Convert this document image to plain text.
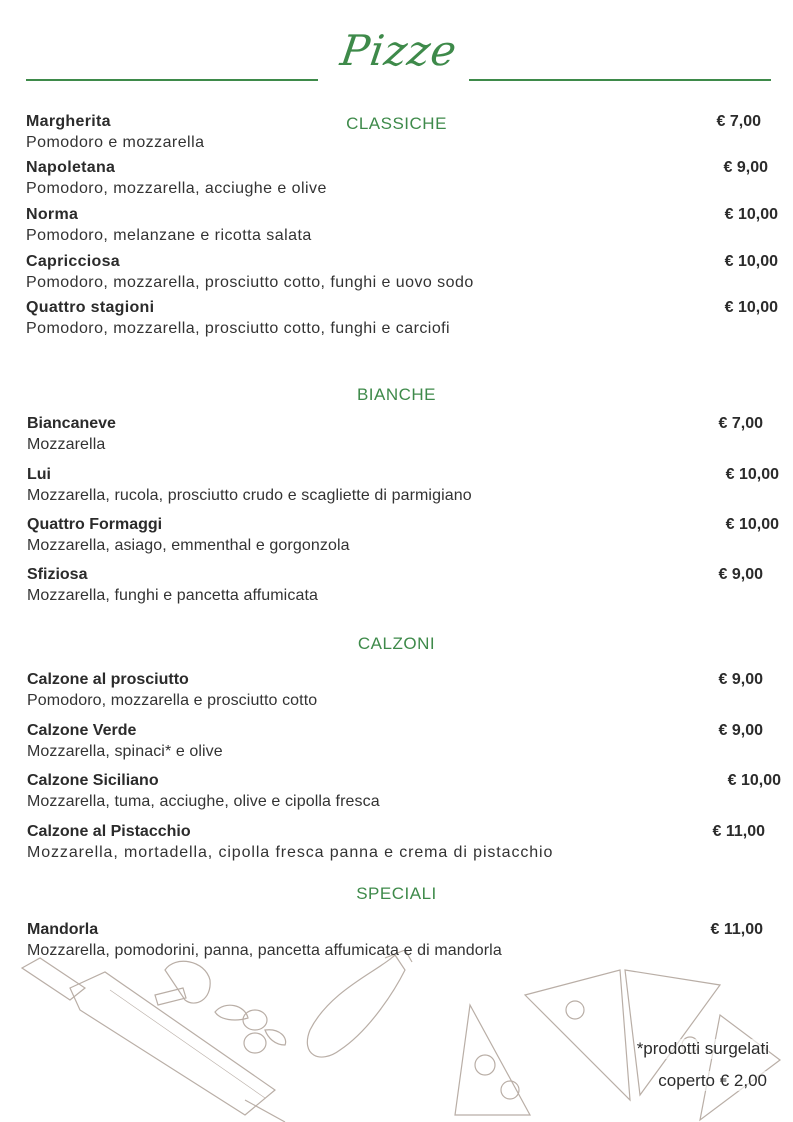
Pizze
CLASSICHE
Margherita
Pomodoro e mozzarella
€ 7,00
Napoletana
Pomodoro, mozzarella, acciughe e olive
€ 9,00
Norma
Pomodoro, melanzane e ricotta salata
€ 10,00
Capricciosa
Pomodoro, mozzarella, prosciutto cotto, funghi e uovo sodo
€ 10,00
Quattro stagioni
Pomodoro, mozzarella, prosciutto cotto, funghi e carciofi
€ 10,00
BIANCHE
Biancaneve
Mozzarella
€ 7,00
Lui
Mozzarella, rucola, prosciutto crudo e scagliette di parmigiano
€ 10,00
Quattro Formaggi
Mozzarella, asiago, emmenthal e gorgonzola
€ 10,00
Sfiziosa
Mozzarella, funghi e pancetta affumicata
€ 9,00
CALZONI
Calzone al prosciutto
Pomodoro, mozzarella e prosciutto cotto
€ 9,00
Calzone Verde
Mozzarella, spinaci* e olive
€ 9,00
Calzone Siciliano
Mozzarella, tuma, acciughe, olive e cipolla fresca
€ 10,00
Calzone al Pistacchio
Mozzarella, mortadella, cipolla fresca panna e crema di pistacchio
€ 11,00
SPECIALI
Mandorla
Mozzarella, pomodorini, panna, pancetta affumicata e di mandorla
€ 11,00
*prodotti surgelati
coperto € 2,00
